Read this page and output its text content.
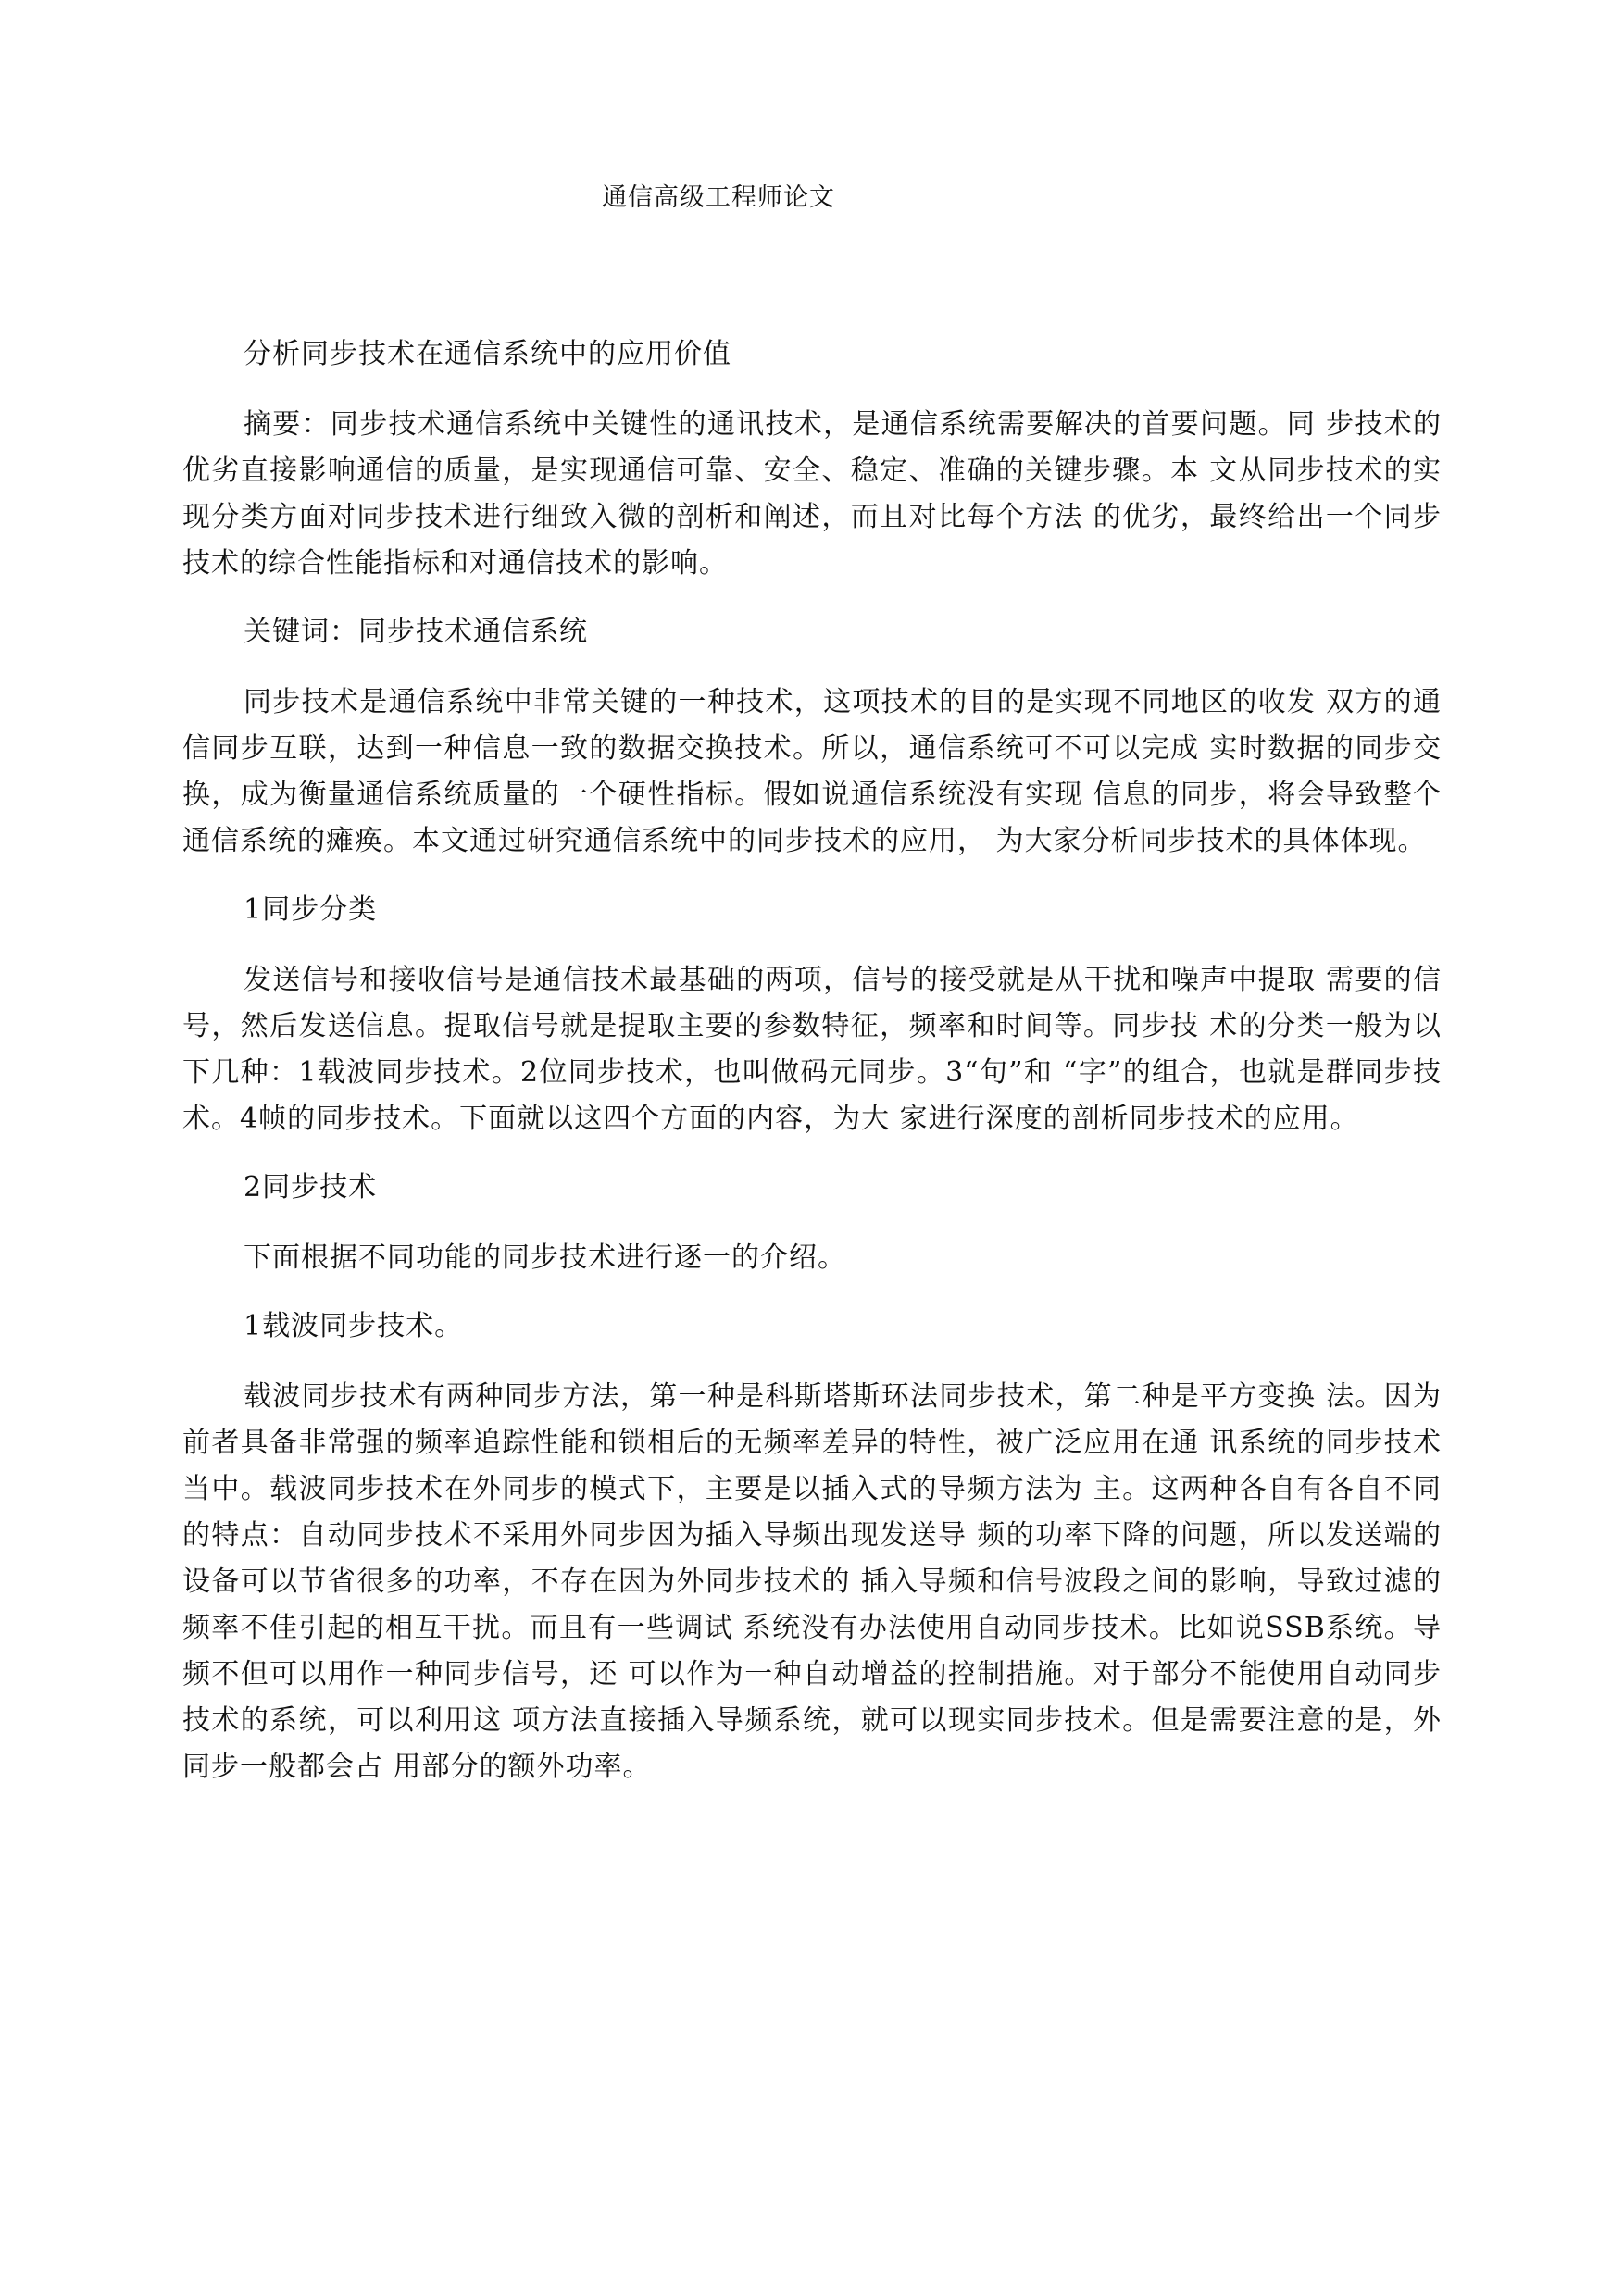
通信高级工程师论文

分析同步技术在通信系统中的应用价值

摘要：同步技术通信系统中关键性的通讯技术，是通信系统需要解决的首要问题。同 步技术的优劣直接影响通信的质量，是实现通信可靠、安全、稳定、准确的关键步骤。本 文从同步技术的实现分类方面对同步技术进行细致入微的剖析和阐述，而且对比每个方法 的优劣，最终给出一个同步技术的综合性能指标和对通信技术的影响。

关键词：同步技术通信系统

同步技术是通信系统中非常关键的一种技术，这项技术的目的是实现不同地区的收发 双方的通信同步互联，达到一种信息一致的数据交换技术。所以，通信系统可不可以完成 实时数据的同步交换，成为衡量通信系统质量的一个硬性指标。假如说通信系统没有实现 信息的同步，将会导致整个通信系统的瘫痪。本文通过研究通信系统中的同步技术的应用， 为大家分析同步技术的具体体现。

1同步分类

发送信号和接收信号是通信技术最基础的两项，信号的接受就是从干扰和噪声中提取 需要的信号，然后发送信息。提取信号就是提取主要的参数特征，频率和时间等。同步技 术的分类一般为以下几种：1载波同步技术。2位同步技术，也叫做码元同步。3“句”和 “字”的组合，也就是群同步技术。4帧的同步技术。下面就以这四个方面的内容，为大 家进行深度的剖析同步技术的应用。

2同步技术

下面根据不同功能的同步技术进行逐一的介绍。

1载波同步技术。

载波同步技术有两种同步方法，第一种是科斯塔斯环法同步技术，第二种是平方变换 法。因为前者具备非常强的频率追踪性能和锁相后的无频率差异的特性，被广泛应用在通 讯系统的同步技术当中。载波同步技术在外同步的模式下，主要是以插入式的导频方法为 主。这两种各自有各自不同的特点：自动同步技术不采用外同步因为插入导频出现发送导 频的功率下降的问题，所以发送端的设备可以节省很多的功率，不存在因为外同步技术的 插入导频和信号波段之间的影响，导致过滤的频率不佳引起的相互干扰。而且有一些调试 系统没有办法使用自动同步技术。比如说SSB系统。导频不但可以用作一种同步信号，还 可以作为一种自动增益的控制措施。对于部分不能使用自动同步技术的系统，可以利用这 项方法直接插入导频系统，就可以现实同步技术。但是需要注意的是，外同步一般都会占 用部分的额外功率。
